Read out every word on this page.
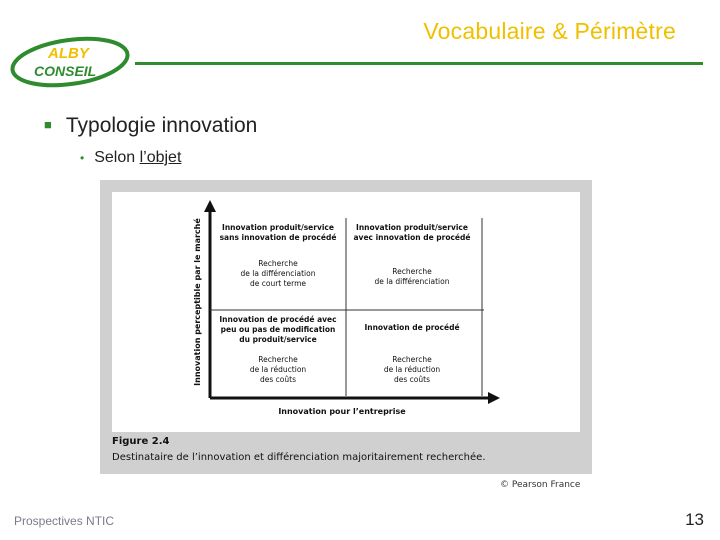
Vocabulaire & Périmètre
ALBY
CONSEIL
■ Typologie innovation
• Selon l’objet
Innovation perceptible par le marché
Innovation pour l’entreprise
Innovation produit/service
sans innovation de procédé
Recherche
de la différenciation
de court terme
Innovation produit/service
avec innovation de procédé
Recherche
de la différenciation
Innovation de procédé avec
peu ou pas de modification
du produit/service
Recherche
de la réduction
des coûts
Innovation de procédé
Recherche
de la réduction
des coûts
Figure 2.4
Destinataire de l’innovation et différenciation majoritairement recherchée.
© Pearson France
Prospectives NTIC	13
